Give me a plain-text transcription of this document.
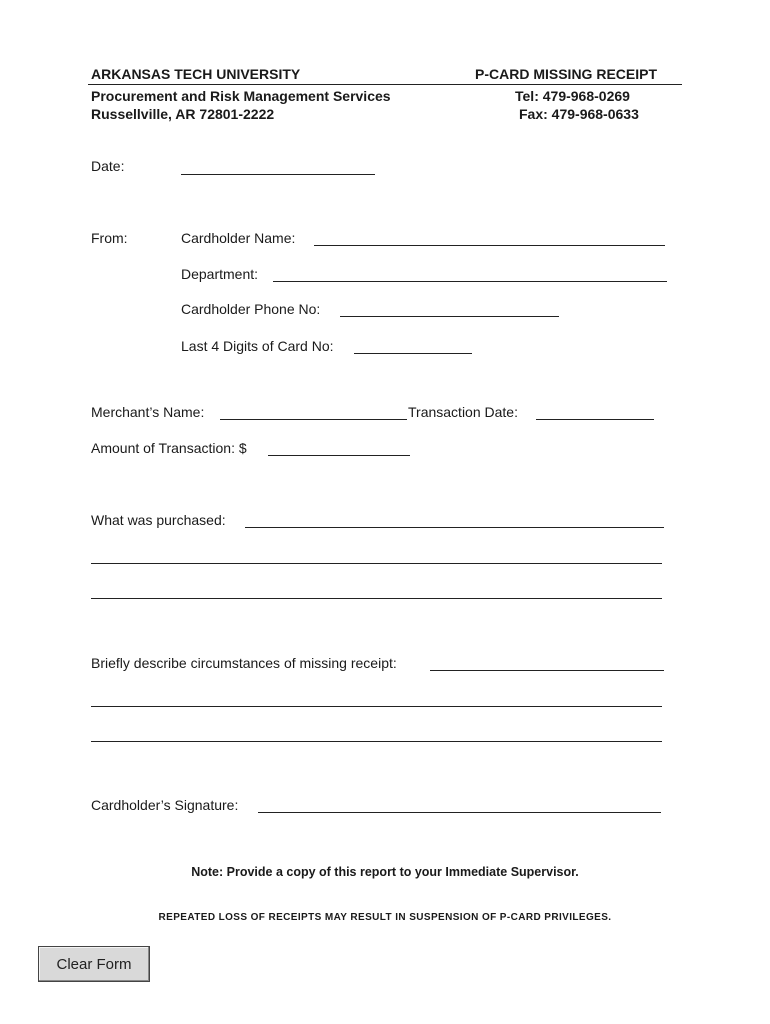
ARKANSAS TECH UNIVERSITY	P-CARD MISSING RECEIPT
Procurement and Risk Management Services
Russellville, AR 72801-2222
Tel: 479-968-0269
Fax: 479-968-0633
Date:
From:	Cardholder Name:
Department:
Cardholder Phone No:
Last 4 Digits of Card No:
Merchant’s Name:	Transaction Date:
Amount of Transaction: $
What was purchased:
Briefly describe circumstances of missing receipt:
Cardholder’s Signature:
Note: Provide a copy of this report to your Immediate Supervisor.
REPEATED LOSS OF RECEIPTS MAY RESULT IN SUSPENSION OF P-CARD PRIVILEGES.
Clear Form
